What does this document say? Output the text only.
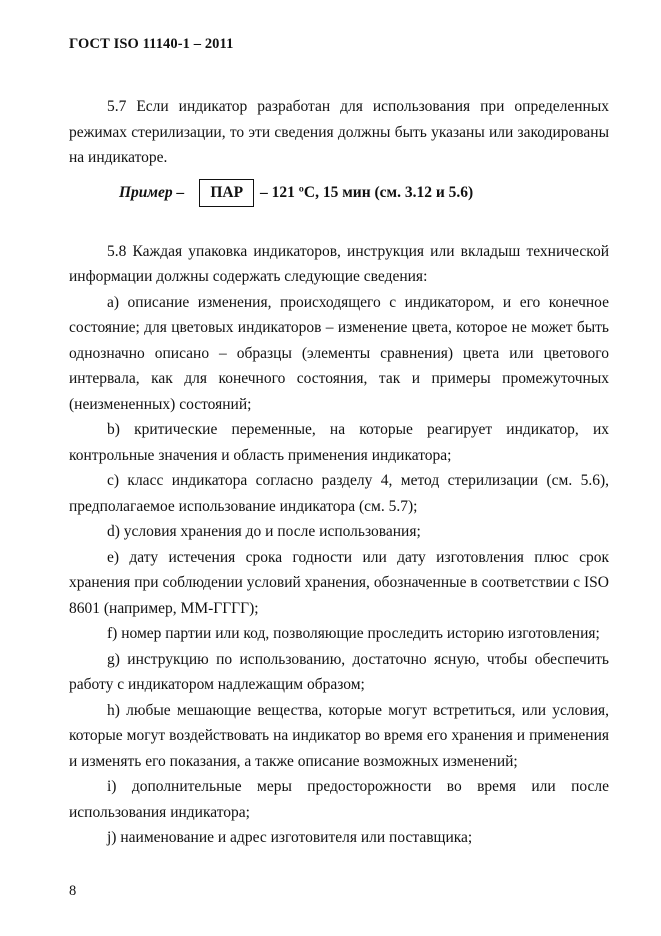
ГОСТ ISO 11140-1 – 2011

5.7 Если индикатор разработан для использования при определенных режимах стерилизации, то эти сведения должны быть указаны или закодированы на индикаторе.

Пример –	ПАР	– 121 ºС, 15 мин (см. 3.12 и 5.6)

5.8 Каждая упаковка индикаторов, инструкция или вкладыш технической информации должны содержать следующие сведения:

a) описание изменения, происходящего с индикатором, и его конечное состояние; для цветовых индикаторов – изменение цвета, которое не может быть однозначно описано – образцы (элементы сравнения) цвета или цветового интервала, как для конечного состояния, так и примеры промежуточных (неизмененных) состояний;

b) критические переменные, на которые реагирует индикатор, их контрольные значения и область применения индикатора;

c) класс индикатора согласно разделу 4, метод стерилизации (см. 5.6), предполагаемое использование индикатора (см. 5.7);

d) условия хранения до и после использования;

e) дату истечения срока годности или дату изготовления плюс срок хранения при соблюдении условий хранения, обозначенные в соответствии с ISO 8601 (например, ММ-ГГГГ);

f) номер партии или код, позволяющие проследить историю изготовления;

g) инструкцию по использованию, достаточно ясную, чтобы обеспечить работу с индикатором надлежащим образом;

h) любые мешающие вещества, которые могут встретиться, или условия, которые могут воздействовать на индикатор во время его хранения и применения и изменять его показания, а также описание возможных изменений;

i) дополнительные меры предосторожности во время или после использования индикатора;

j) наименование и адрес изготовителя или поставщика;

8
